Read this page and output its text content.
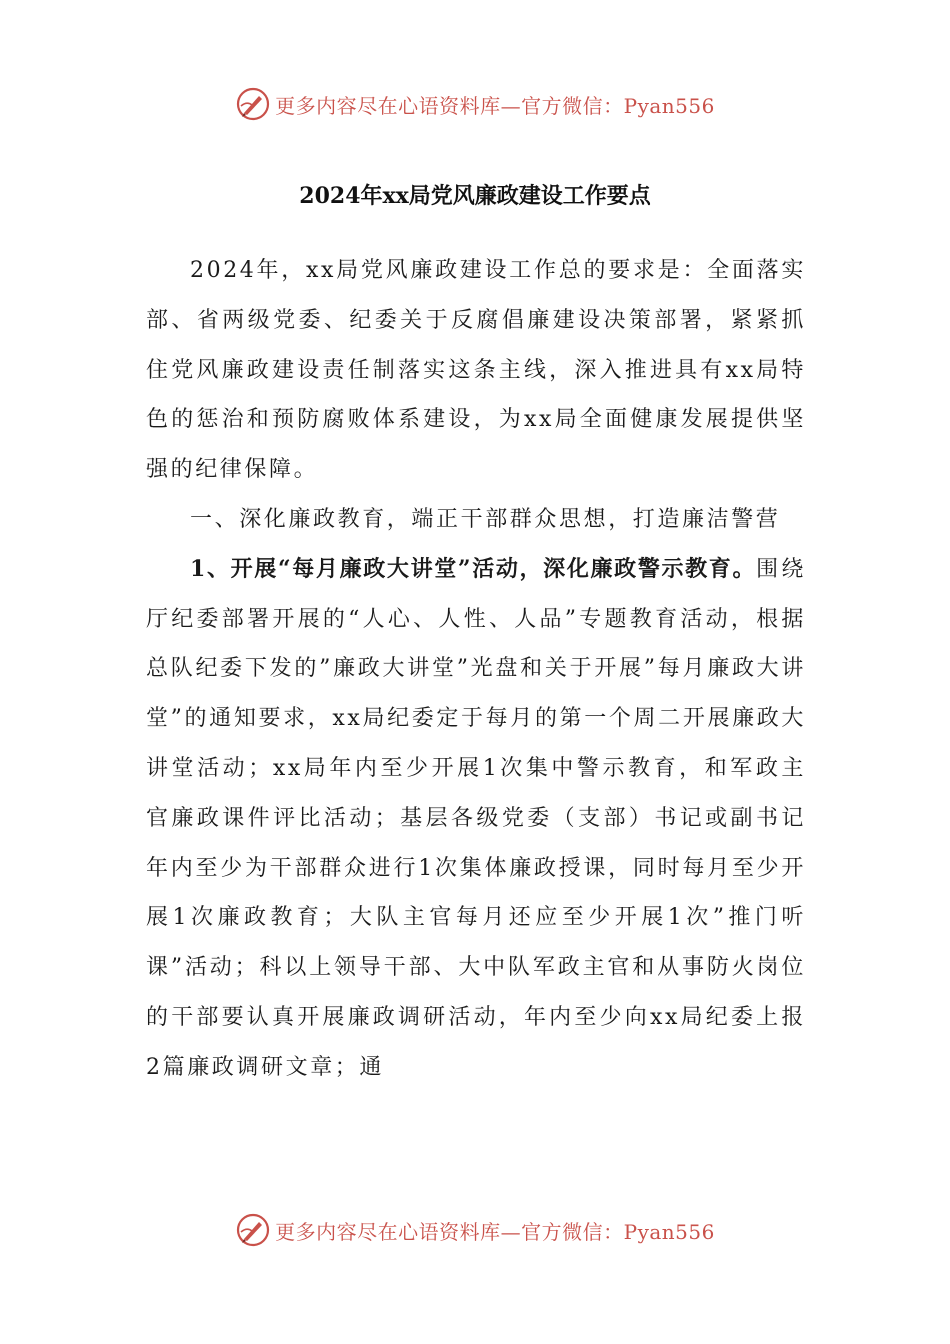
更多内容尽在心语资料库—官方微信：Pyan556
2024年xx局党风廉政建设工作要点

2024年，xx局党风廉政建设工作总的要求是：全面落实部、省两级党委、纪委关于反腐倡廉建设决策部署，紧紧抓住党风廉政建设责任制落实这条主线，深入推进具有xx局特色的惩治和预防腐败体系建设，为xx局全面健康发展提供坚强的纪律保障。

一、深化廉政教育，端正干部群众思想，打造廉洁警营

1、开展“每月廉政大讲堂”活动，深化廉政警示教育。围绕厅纪委部署开展的“人心、人性、人品”专题教育活动，根据总队纪委下发的”廉政大讲堂”光盘和关于开展”每月廉政大讲堂”的通知要求，xx局纪委定于每月的第一个周二开展廉政大讲堂活动；xx局年内至少开展1次集中警示教育，和军政主官廉政课件评比活动；基层各级党委（支部）书记或副书记年内至少为干部群众进行1次集体廉政授课，同时每月至少开展1次廉政教育；大队主官每月还应至少开展1次”推门听课”活动；科以上领导干部、大中队军政主官和从事防火岗位的干部要认真开展廉政调研活动，年内至少向xx局纪委上报2篇廉政调研文章；通

更多内容尽在心语资料库—官方微信：Pyan556
